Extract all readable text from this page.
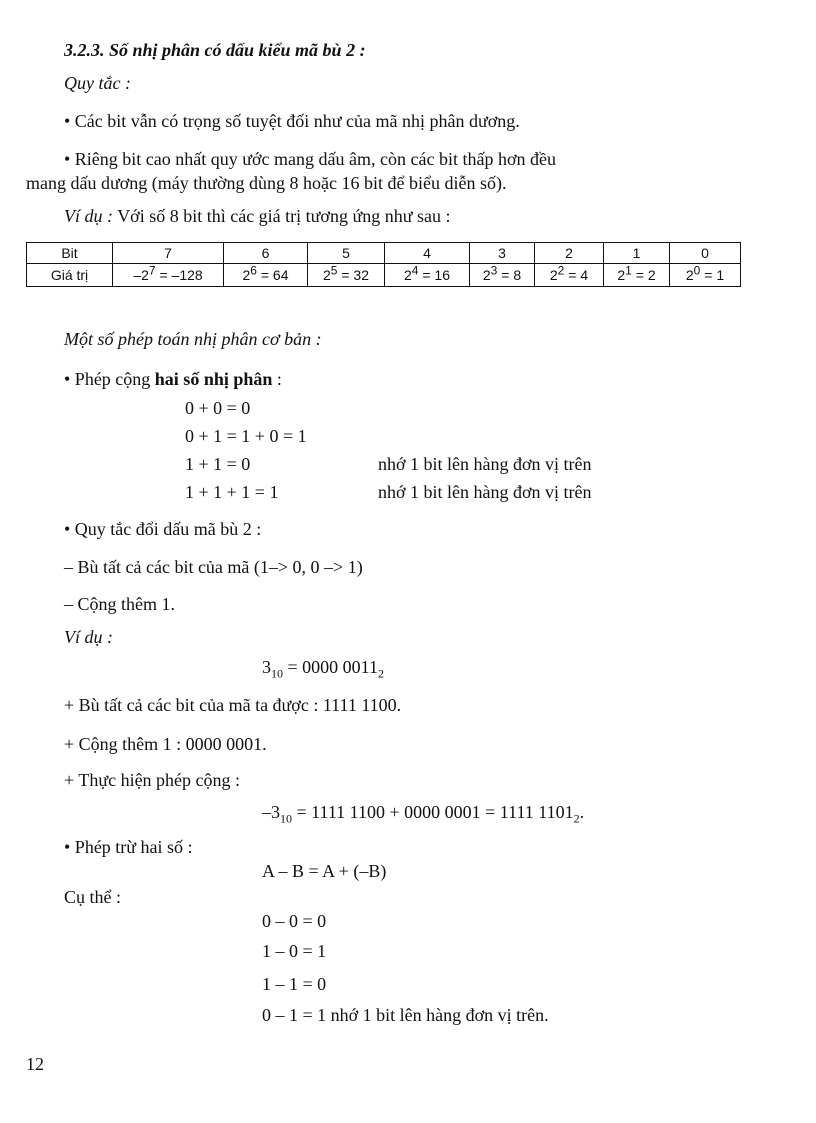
3.2.3. Số nhị phân có dấu kiểu mã bù 2 :
Quy tắc :
• Các bit vẫn có trọng số tuyệt đối như của mã nhị phân dương.
• Riêng bit cao nhất quy ước mang dấu âm, còn các bit thấp hơn đều
mang dấu dương (máy thường dùng 8 hoặc 16 bit để biểu diễn số).
Ví dụ : Với số 8 bit thì các giá trị tương ứng như sau :
Bit	7	6	5	4	3	2	1	0
Giá trị	$-2^7 = -128$	$2^6 = 64$	$2^5 = 32$	$2^4 = 16$	$2^3 = 8$	$2^2 = 4$	$2^1 = 2$	$2^0 = 1$
Một số phép toán nhị phân cơ bản :
• Phép cộng hai số nhị phân :
0 + 0 = 0
0 + 1 = 1 + 0 = 1
1 + 1 = 0	nhớ 1 bit lên hàng đơn vị trên
1 + 1 + 1 = 1	nhớ 1 bit lên hàng đơn vị trên
• Quy tắc đổi dấu mã bù 2 :
– Bù tất cả các bit của mã (1–> 0, 0 –> 1)
– Cộng thêm 1.
Ví dụ :
$3_{10} = 0000$ $0011_2$
+ Bù tất cả các bit của mã ta được : 1111 1100.
+ Cộng thêm 1 : 0000 0001.
+ Thực hiện phép cộng :
$-3_{10} = 1111$ 1100 + 0000 0001 = 1111 $1101_2$.
• Phép trừ hai số :
A – B = A + (–B)
Cụ thể :
0 – 0 = 0
1 – 0 = 1
1 – 1 = 0
0 – 1 = 1 nhớ 1 bit lên hàng đơn vị trên.
12
